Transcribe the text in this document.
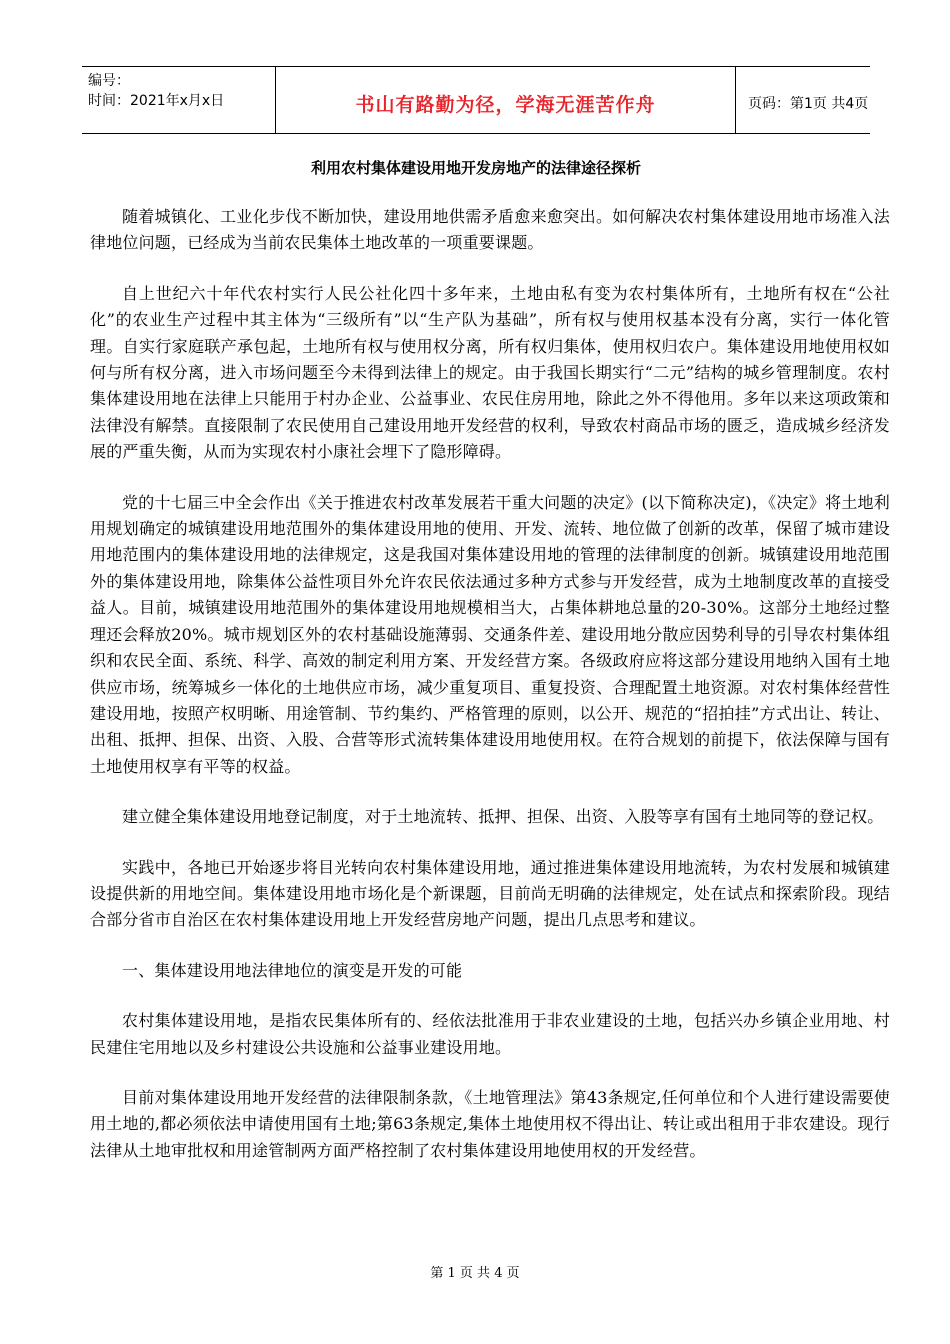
编号：
时间：2021年x月x日	书山有路勤为径，学海无涯苦作舟	页码：第1页 共4页
利用农村集体建设用地开发房地产的法律途径探析

随着城镇化、工业化步伐不断加快，建设用地供需矛盾愈来愈突出。如何解决农村集体建设用地市场准入法律地位问题，已经成为当前农民集体土地改革的一项重要课题。

自上世纪六十年代农村实行人民公社化四十多年来，土地由私有变为农村集体所有，土地所有权在“公社化”的农业生产过程中其主体为“三级所有”以“生产队为基础”，所有权与使用权基本没有分离，实行一体化管理。自实行家庭联产承包起，土地所有权与使用权分离，所有权归集体，使用权归农户。集体建设用地使用权如何与所有权分离，进入市场问题至今未得到法律上的规定。由于我国长期实行“二元”结构的城乡管理制度。农村集体建设用地在法律上只能用于村办企业、公益事业、农民住房用地，除此之外不得他用。多年以来这项政策和法律没有解禁。直接限制了农民使用自己建设用地开发经营的权利，导致农村商品市场的匮乏，造成城乡经济发展的严重失衡，从而为实现农村小康社会埋下了隐形障碍。

党的十七届三中全会作出《关于推进农村改革发展若干重大问题的决定》(以下简称决定)，《决定》将土地利用规划确定的城镇建设用地范围外的集体建设用地的使用、开发、流转、地位做了创新的改革，保留了城市建设用地范围内的集体建设用地的法律规定，这是我国对集体建设用地的管理的法律制度的创新。城镇建设用地范围外的集体建设用地，除集体公益性项目外允许农民依法通过多种方式参与开发经营，成为土地制度改革的直接受益人。目前，城镇建设用地范围外的集体建设用地规模相当大，占集体耕地总量的20-30%。这部分土地经过整理还会释放20%。城市规划区外的农村基础设施薄弱、交通条件差、建设用地分散应因势利导的引导农村集体组织和农民全面、系统、科学、高效的制定利用方案、开发经营方案。各级政府应将这部分建设用地纳入国有土地供应市场，统筹城乡一体化的土地供应市场，减少重复项目、重复投资、合理配置土地资源。对农村集体经营性建设用地，按照产权明晰、用途管制、节约集约、严格管理的原则，以公开、规范的“招拍挂”方式出让、转让、出租、抵押、担保、出资、入股、合营等形式流转集体建设用地使用权。在符合规划的前提下，依法保障与国有土地使用权享有平等的权益。

建立健全集体建设用地登记制度，对于土地流转、抵押、担保、出资、入股等享有国有土地同等的登记权。

实践中，各地已开始逐步将目光转向农村集体建设用地，通过推进集体建设用地流转，为农村发展和城镇建设提供新的用地空间。集体建设用地市场化是个新课题，目前尚无明确的法律规定，处在试点和探索阶段。现结合部分省市自治区在农村集体建设用地上开发经营房地产问题，提出几点思考和建议。

一、集体建设用地法律地位的演变是开发的可能

农村集体建设用地，是指农民集体所有的、经依法批准用于非农业建设的土地，包括兴办乡镇企业用地、村民建住宅用地以及乡村建设公共设施和公益事业建设用地。

目前对集体建设用地开发经营的法律限制条款，《土地管理法》第43条规定,任何单位和个人进行建设需要使用土地的,都必须依法申请使用国有土地;第63条规定,集体土地使用权不得出让、转让或出租用于非农建设。现行法律从土地审批权和用途管制两方面严格控制了农村集体建设用地使用权的开发经营。

第 1 页 共 4 页
